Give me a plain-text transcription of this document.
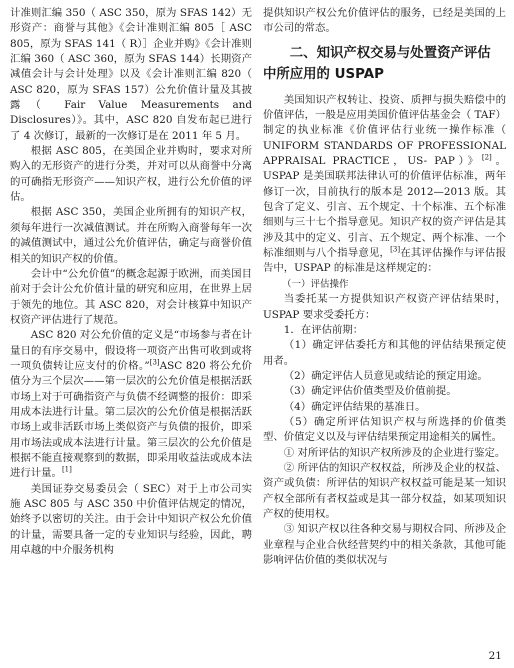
计准则汇编 350（ ASC 350，原为 SFAS 142）无形资产：商誉与其他》《会计准则汇编 805［ ASC 805，原为 SFAS 141（ R）］企业并购》《会计准则汇编 360（ ASC 360，原为 SFAS 144）长期资产减值会计与会计处理》以及《会计准则汇编 820（ ASC 820，原为 SFAS 157）公允价值计量及其披露（ Fair Value Measurements and Disclosures）》。其中，ASC 820 自发布起已进行了 4 次修订，最新的一次修订是在 2011 年 5 月。

根据 ASC 805，在美国企业并购时，要求对所购入的无形资产的进行分类，并对可以从商誉中分离的可确指无形资产——知识产权，进行公允价值的评估。

根据 ASC 350，美国企业所拥有的知识产权，须每年进行一次减值测试。并在所购入商誉每年一次的减值测试中，通过公允价值评估，确定与商誉价值相关的知识产权的价值。

会计中“公允价值”的概念起源于欧洲，而美国目前对于会计公允价值计量的研究和应用，在世界上居于领先的地位。其 ASC 820，对会计核算中知识产权资产评估进行了规范。

ASC 820 对公允价值的定义是“市场参与者在计量日的有序交易中，假设将一项资产出售可收到或将一项负债转让应支付的价格。”[3]ASC 820 将公允价值分为三个层次——第一层次的公允价值是根据活跃市场上对于可确指资产与负债不经调整的报价：即采用成本法进行计量。第二层次的公允价值是根据活跃市场上或非活跃市场上类似资产与负债的报价，即采用市场法或成本法进行计量。第三层次的公允价值是根据不能直接观察到的数据，即采用收益法或成本法进行计量。[1]

美国证券交易委员会（ SEC）对于上市公司实施 ASC 805 与 ASC 350 中价值评估规定的情况，始终予以密切的关注。由于会计中知识产权公允价值的计量，需要具备一定的专业知识与经验，因此，聘用卓越的中介服务机构

提供知识产权公允价值评估的服务，已经是美国的上市公司的常态。

二、知识产权交易与处置资产评估
中所应用的 USPAP

美国知识产权转让、投资、质押与损失赔偿中的价值评估，一般是应用美国价值评估基金会（ TAF）制定的执业标准《价值评估行业统一操作标准（ UNIFORM STANDARDS OF PROFESSIONAL APPRAISAL PRACTICE，US- PAP）》[2]。USPAP 是美国联邦法律认可的价值评估标准，两年修订一次，目前执行的版本是 2012—2013 版。其包含了定义、引言、五个规定、十个标准、五个标准细则与三十七个指导意见。知识产权的资产评估是其涉及其中的定义、引言、五个规定、两个标准、一个标准细则与八个指导意见，[3]在其评估操作与评估报告中，USPAP 的标准是这样规定的：

（一）评估操作

当委托某一方提供知识产权资产评估结果时，USPAP 要求受委托方：

1．在评估前期：

（1）确定评估委托方和其他的评估结果预定使用者。

（2）确定评估人员意见或结论的预定用途。

（3）确定评估价值类型及价值前提。

（4）确定评估结果的基准日。

（5）确定所评估知识产权与所选择的价值类型、价值定义以及与评估结果预定用途相关的属性。

① 对所评估的知识产权所涉及的企业进行鉴定。

② 所评估的知识产权权益，所涉及企业的权益、资产或负债：所评估的知识产权权益可能是某一知识产权全部所有者权益或是其一部分权益，如某项知识产权的使用权。

③ 知识产权以往各种交易与期权合同、所涉及企业章程与企业合伙经营契约中的相关条款，其他可能影响评估价值的类似状况与

21
